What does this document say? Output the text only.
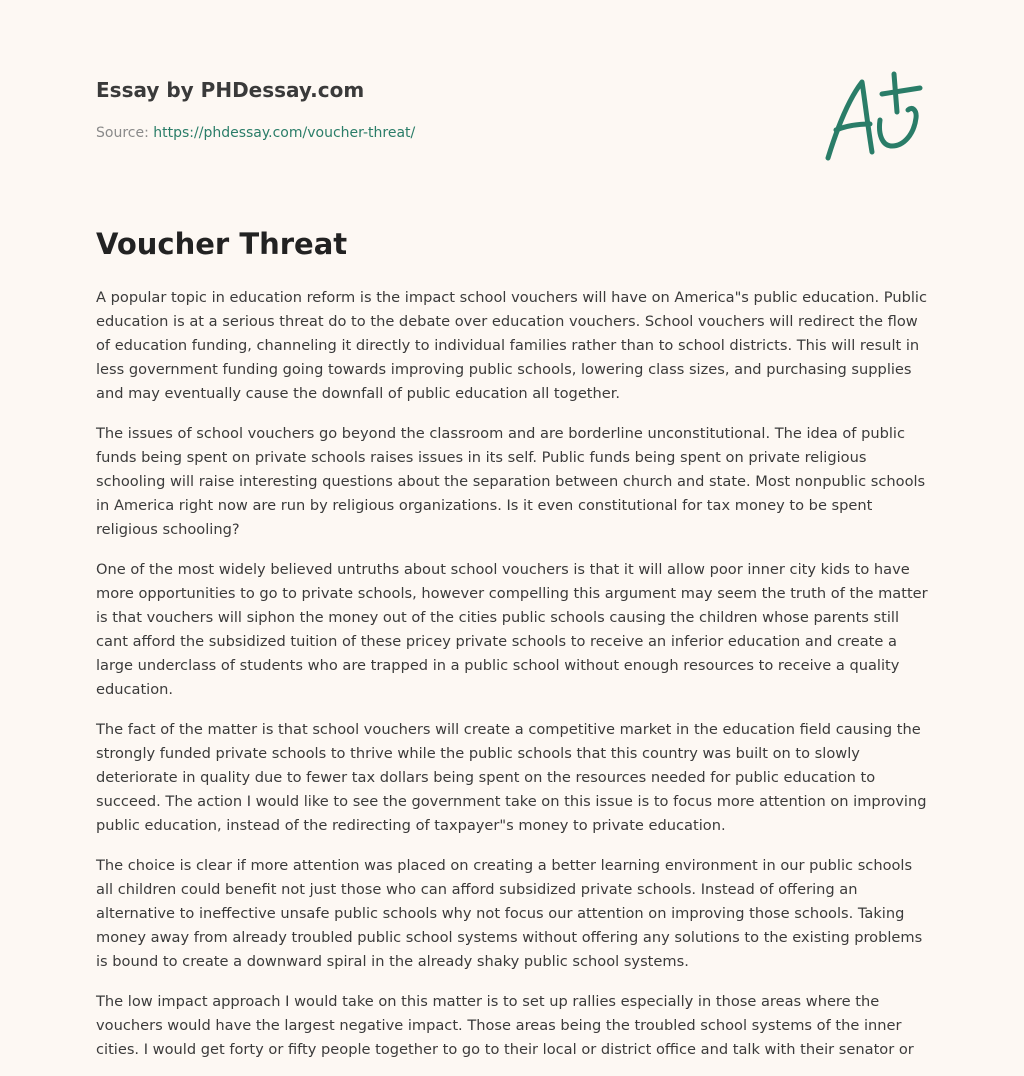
Essay by PHDessay.com
Source: https://phdessay.com/voucher-threat/
Voucher Threat

A popular topic in education reform is the impact school vouchers will have on America"s public education. Public education is at a serious threat do to the debate over education vouchers. School vouchers will redirect the flow of education funding, channeling it directly to individual families rather than to school districts. This will result in less government funding going towards improving public schools, lowering class sizes, and purchasing supplies and may eventually cause the downfall of public education all together.

The issues of school vouchers go beyond the classroom and are borderline unconstitutional. The idea of public funds being spent on private schools raises issues in its self. Public funds being spent on private religious schooling will raise interesting questions about the separation between church and state. Most nonpublic schools in America right now are run by religious organizations. Is it even constitutional for tax money to be spent religious schooling?

One of the most widely believed untruths about school vouchers is that it will allow poor inner city kids to have more opportunities to go to private schools, however compelling this argument may seem the truth of the matter is that vouchers will siphon the money out of the cities public schools causing the children whose parents still cant afford the subsidized tuition of these pricey private schools to receive an inferior education and create a large underclass of students who are trapped in a public school without enough resources to receive a quality education.

The fact of the matter is that school vouchers will create a competitive market in the education field causing the strongly funded private schools to thrive while the public schools that this country was built on to slowly deteriorate in quality due to fewer tax dollars being spent on the resources needed for public education to succeed. The action I would like to see the government take on this issue is to focus more attention on improving public education, instead of the redirecting of taxpayer"s money to private education.

The choice is clear if more attention was placed on creating a better learning environment in our public schools all children could benefit not just those who can afford subsidized private schools. Instead of offering an alternative to ineffective unsafe public schools why not focus our attention on improving those schools. Taking money away from already troubled public school systems without offering any solutions to the existing problems is bound to create a downward spiral in the already shaky public school systems.

The low impact approach I would take on this matter is to set up rallies especially in those areas where the vouchers would have the largest negative impact. Those areas being the troubled school systems of the inner cities. I would get forty or fifty people together to go to their local or district office and talk with their senator or
